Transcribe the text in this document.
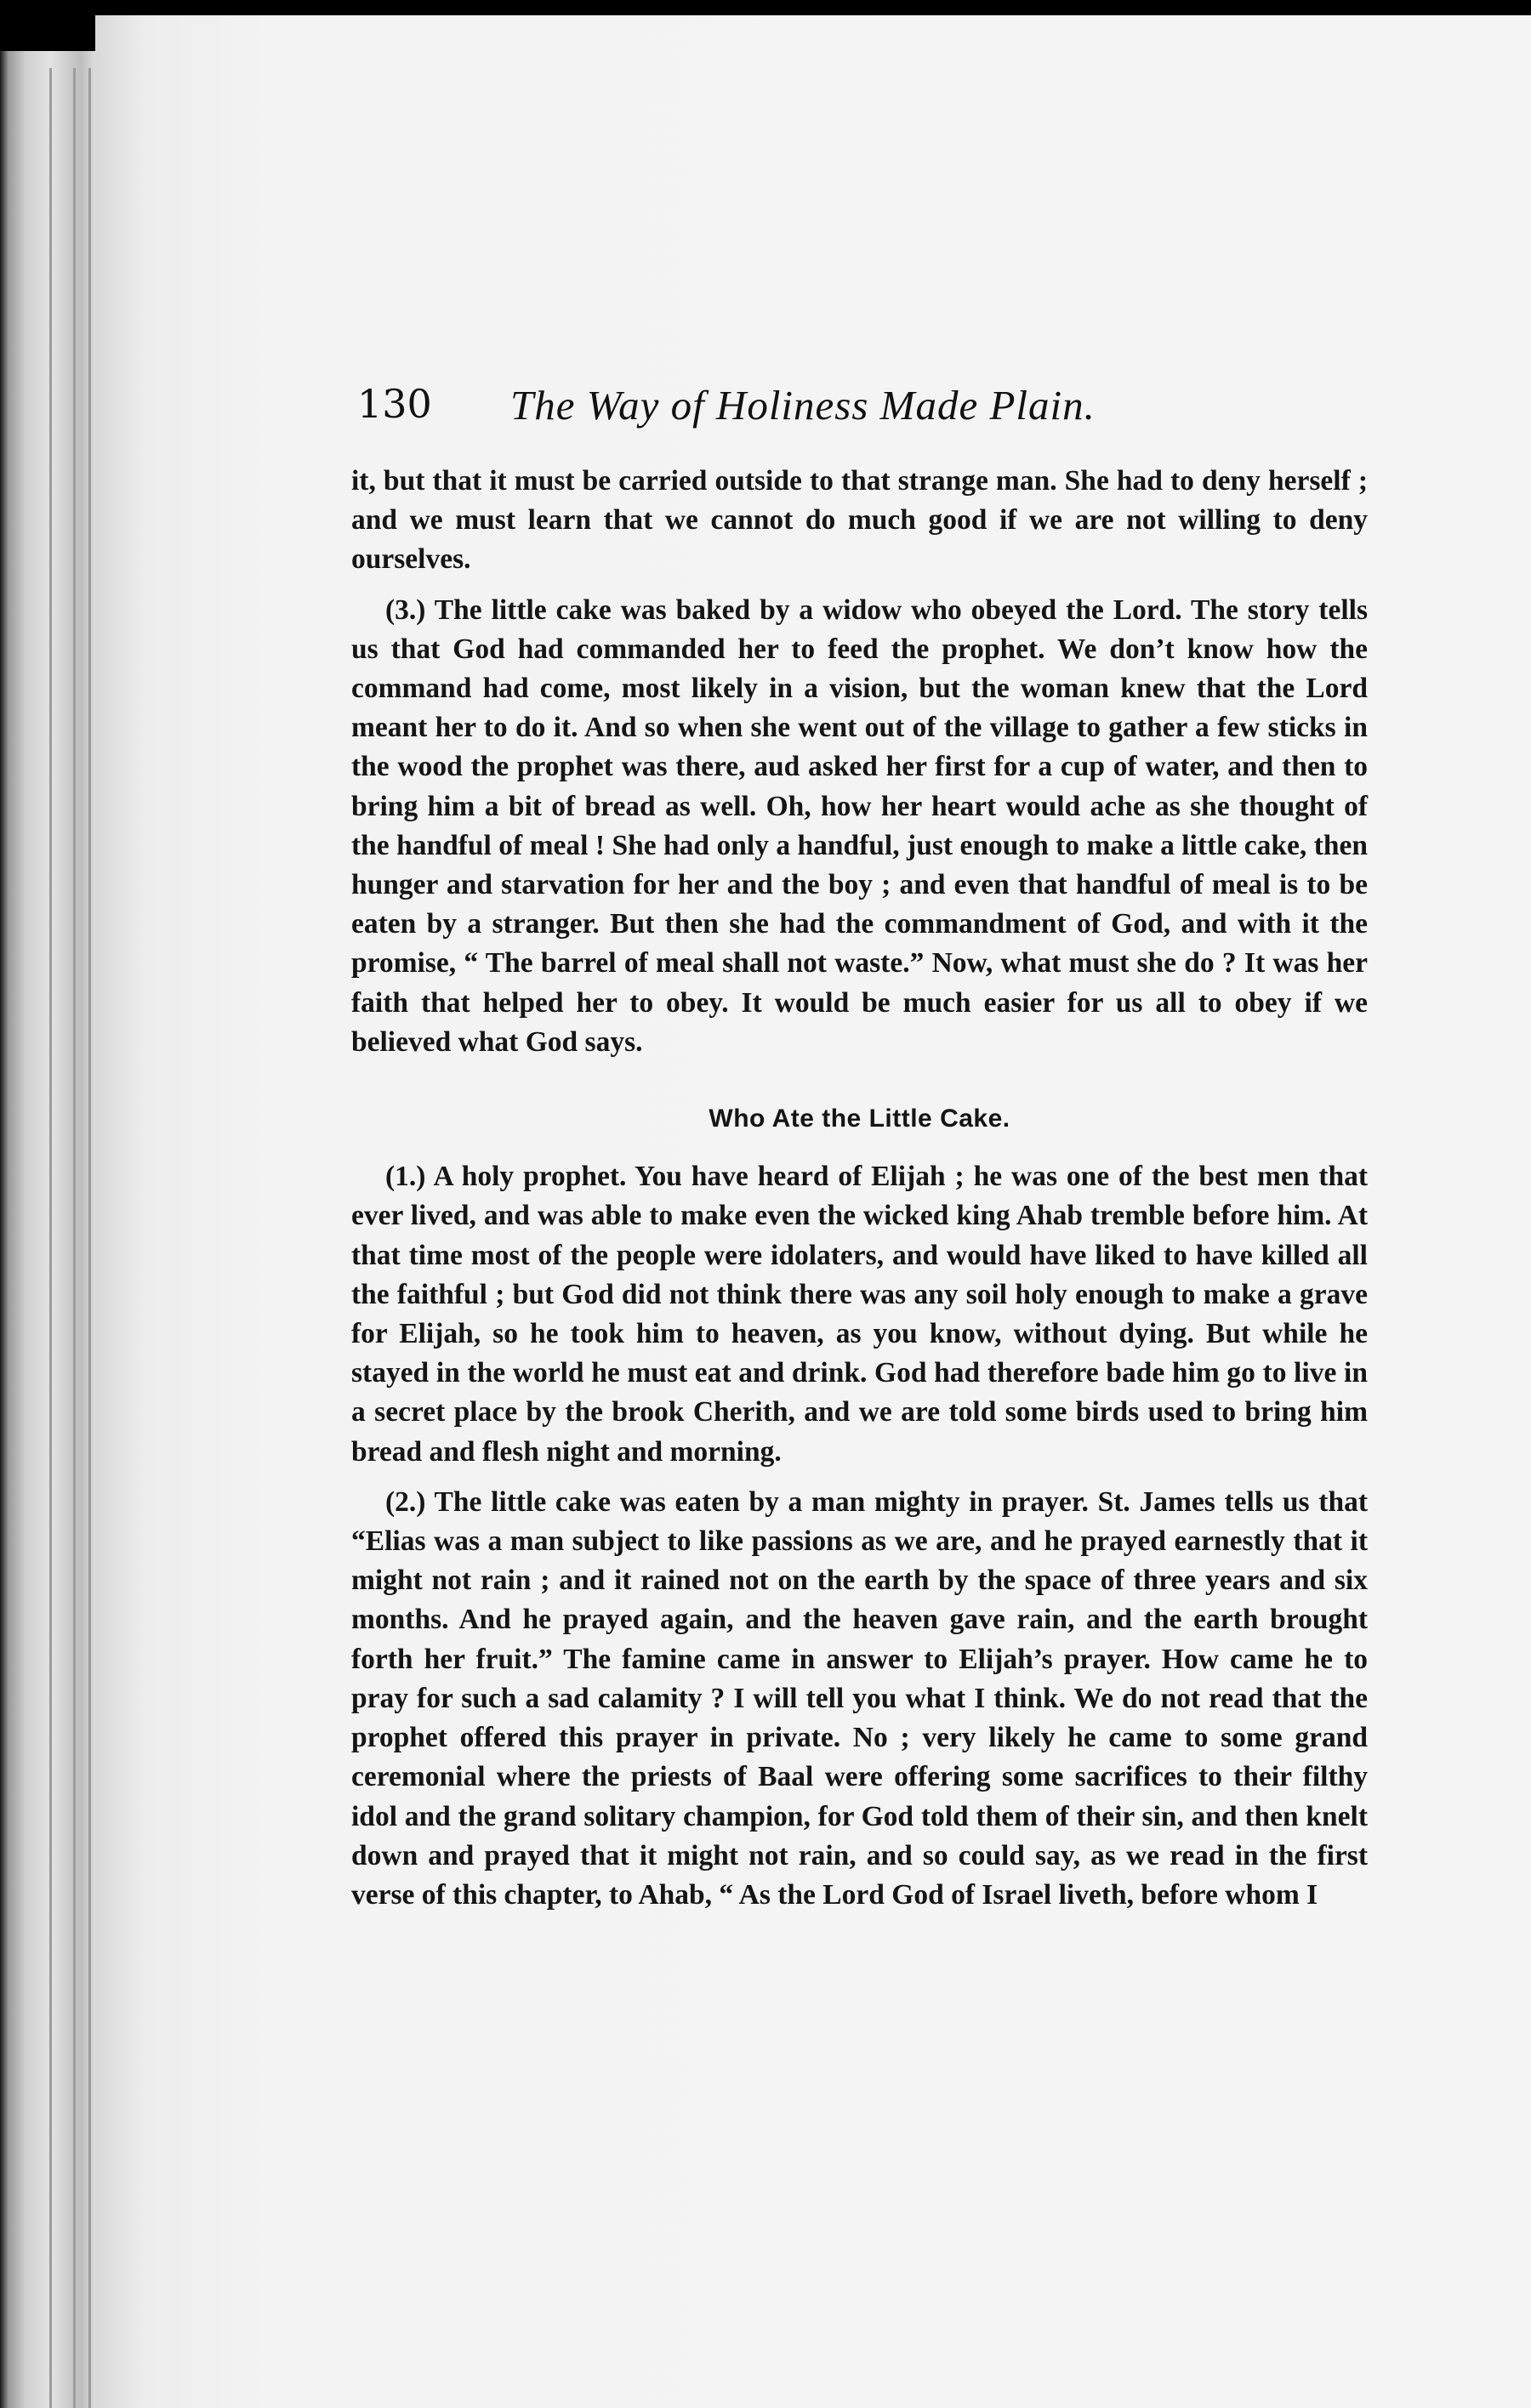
130 The Way of Holiness Made Plain.

it, but that it must be carried outside to that strange man. She had to deny herself ; and we must learn that we cannot do much good if we are not willing to deny ourselves.

(3.) The little cake was baked by a widow who obeyed the Lord. The story tells us that God had commanded her to feed the prophet. We don’t know how the command had come, most likely in a vision, but the woman knew that the Lord meant her to do it. And so when she went out of the village to gather a few sticks in the wood the prophet was there, aud asked her first for a cup of water, and then to bring him a bit of bread as well. Oh, how her heart would ache as she thought of the handful of meal ! She had only a handful, just enough to make a little cake, then hunger and starvation for her and the boy ; and even that handful of meal is to be eaten by a stranger. But then she had the commandment of God, and with it the promise, “ The barrel of meal shall not waste.” Now, what must she do ? It was her faith that helped her to obey. It would be much easier for us all to obey if we believed what God says.

Who Ate the Little Cake.

(1.) A holy prophet. You have heard of Elijah ; he was one of the best men that ever lived, and was able to make even the wicked king Ahab tremble before him. At that time most of the people were idolaters, and would have liked to have killed all the faithful ; but God did not think there was any soil holy enough to make a grave for Elijah, so he took him to heaven, as you know, without dying. But while he stayed in the world he must eat and drink. God had therefore bade him go to live in a secret place by the brook Cherith, and we are told some birds used to bring him bread and flesh night and morning.

(2.) The little cake was eaten by a man mighty in prayer. St. James tells us that “Elias was a man subject to like passions as we are, and he prayed earnestly that it might not rain ; and it rained not on the earth by the space of three years and six months. And he prayed again, and the heaven gave rain, and the earth brought forth her fruit.” The famine came in answer to Elijah’s prayer. How came he to pray for such a sad calamity ? I will tell you what I think. We do not read that the prophet offered this prayer in private. No ; very likely he came to some grand ceremonial where the priests of Baal were offering some sacrifices to their filthy idol and the grand solitary champion, for God told them of their sin, and then knelt down and prayed that it might not rain, and so could say, as we read in the first verse of this chapter, to Ahab, “ As the Lord God of Israel liveth, before whom I
